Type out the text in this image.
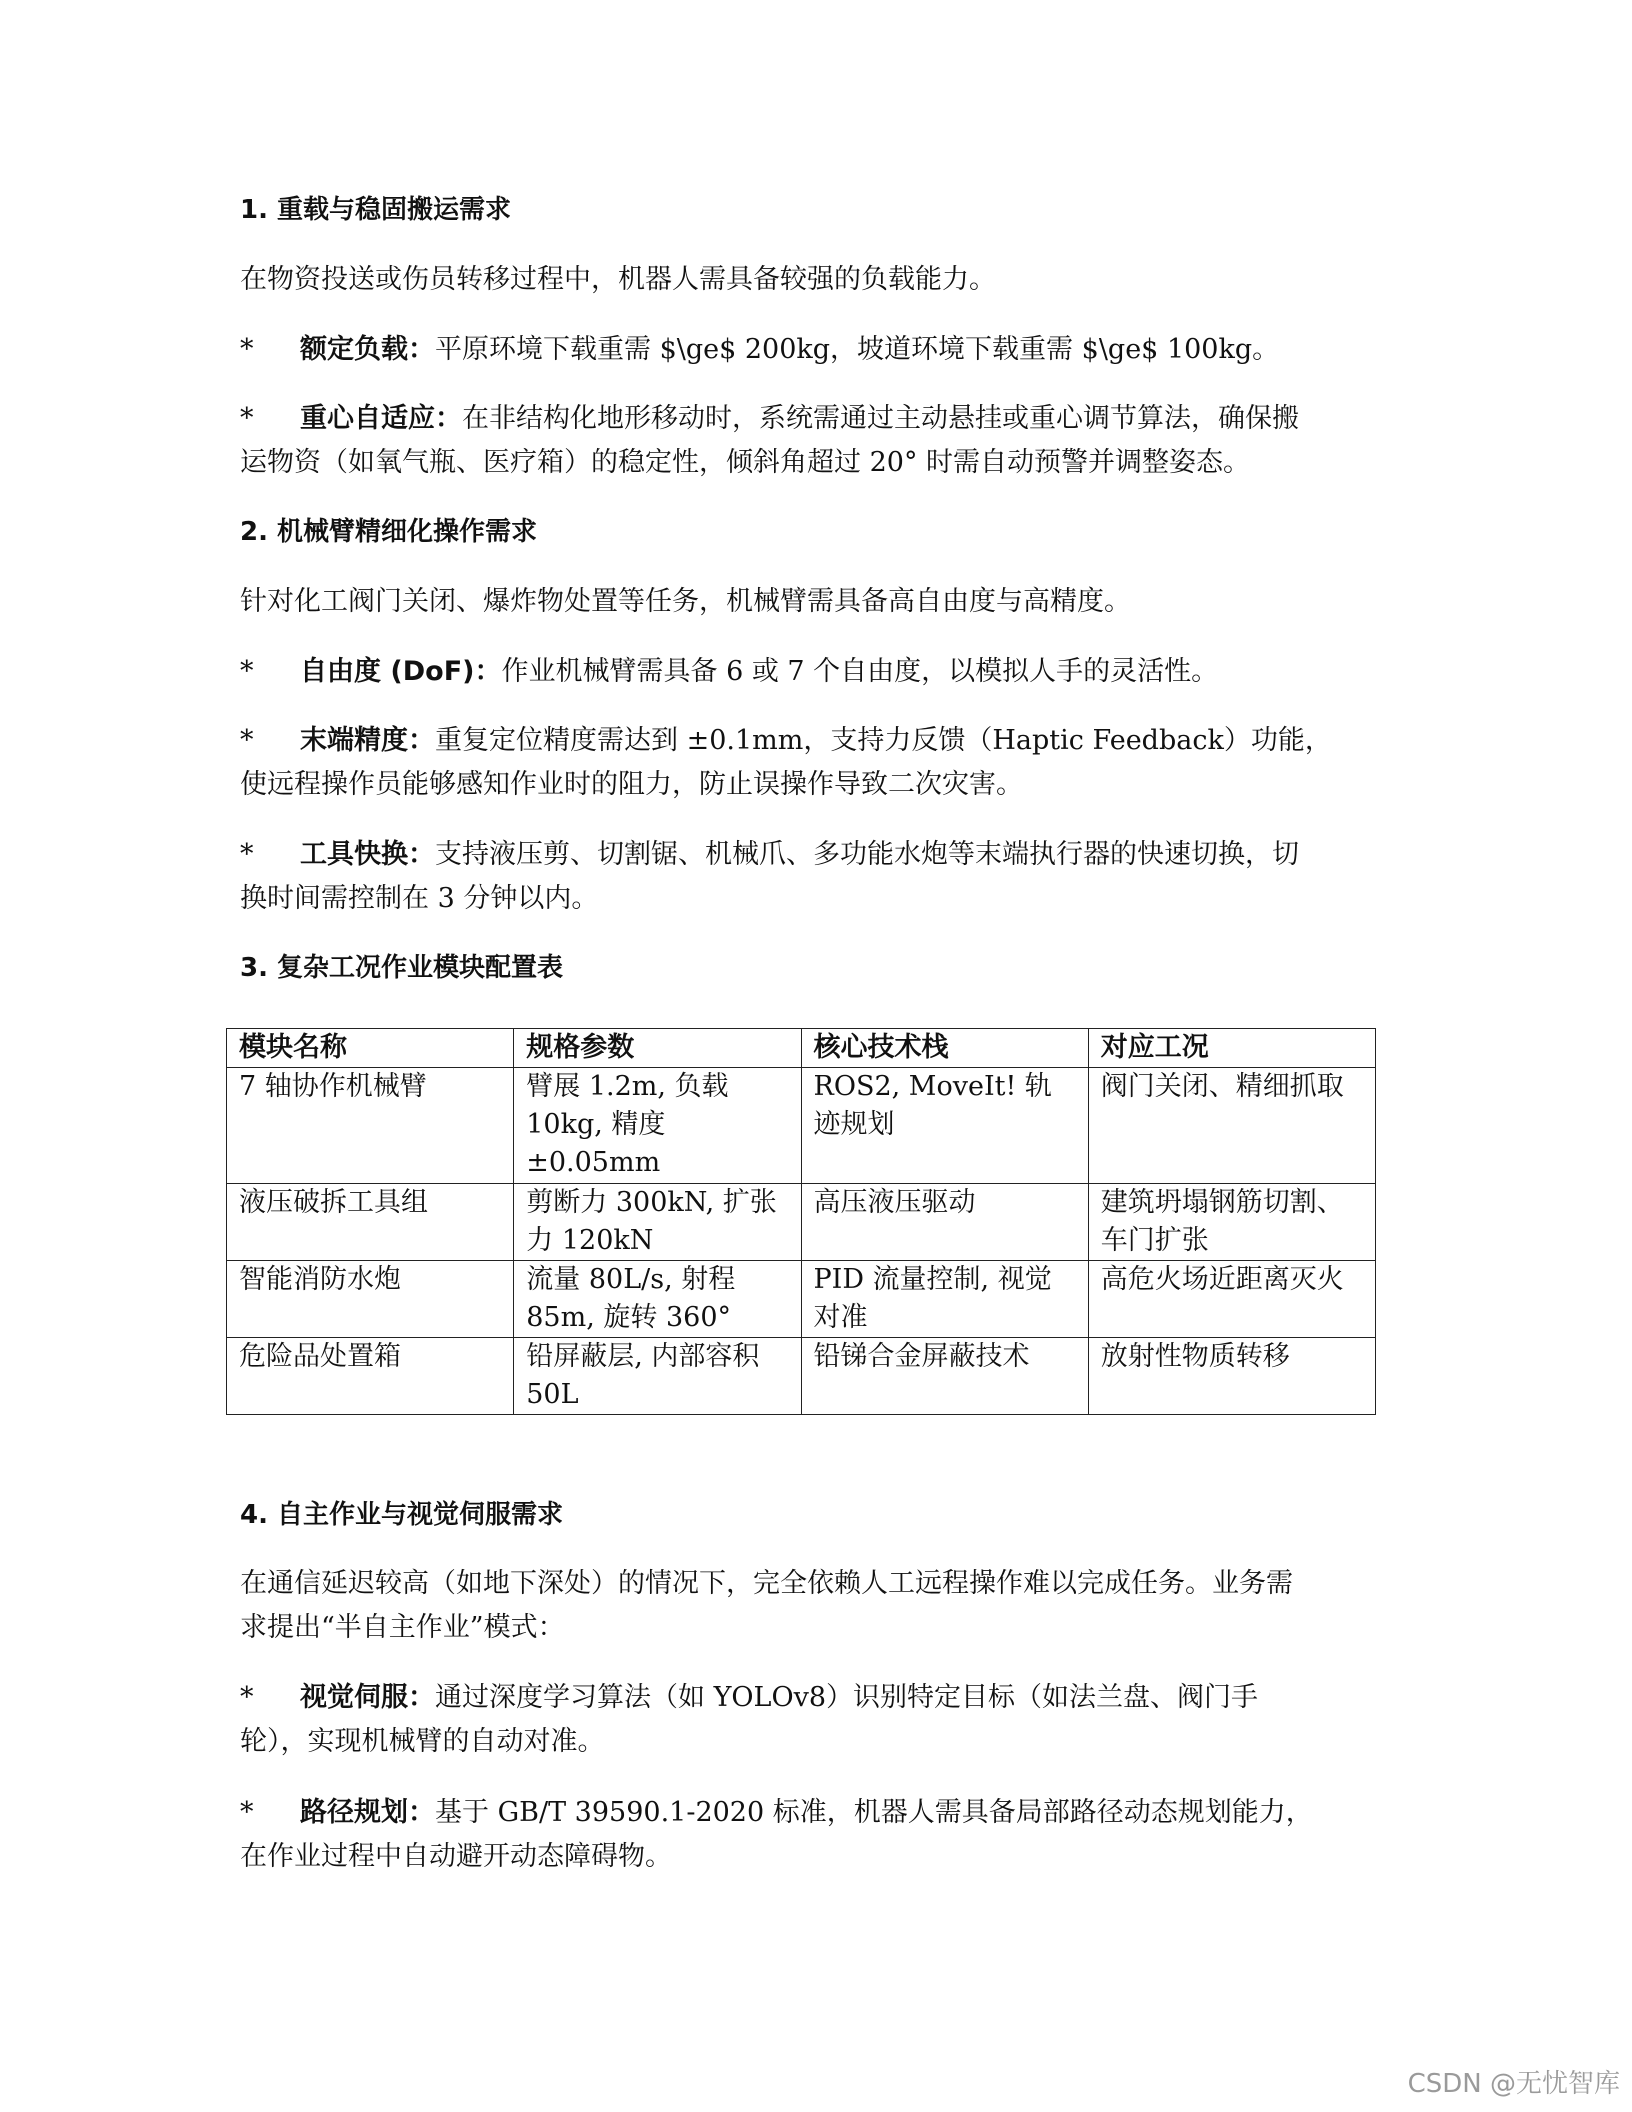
1. 重载与稳固搬运需求

在物资投送或伤员转移过程中，机器人需具备较强的负载能力。

* 额定负载：平原环境下载重需 $\ge$ 200kg，坡道环境下载重需 $\ge$ 100kg。

* 重心自适应：在非结构化地形移动时，系统需通过主动悬挂或重心调节算法，确保搬
运物资（如氧气瓶、医疗箱）的稳定性，倾斜角超过 20° 时需自动预警并调整姿态。

2. 机械臂精细化操作需求

针对化工阀门关闭、爆炸物处置等任务，机械臂需具备高自由度与高精度。

* 自由度 (DoF)：作业机械臂需具备 6 或 7 个自由度，以模拟人手的灵活性。

* 末端精度：重复定位精度需达到 ±0.1mm，支持力反馈（Haptic Feedback）功能，
使远程操作员能够感知作业时的阻力，防止误操作导致二次灾害。

* 工具快换：支持液压剪、切割锯、机械爪、多功能水炮等末端执行器的快速切换，切
换时间需控制在 3 分钟以内。

3. 复杂工况作业模块配置表

模块名称	规格参数	核心技术栈	对应工况
7 轴协作机械臂	臂展 1.2m, 负载 10kg, 精度 ±0.05mm	ROS2, MoveIt! 轨迹规划	阀门关闭、精细抓取
液压破拆工具组	剪断力 300kN, 扩张力 120kN	高压液压驱动	建筑坍塌钢筋切割、车门扩张
智能消防水炮	流量 80L/s, 射程 85m, 旋转 360°	PID 流量控制, 视觉对准	高危火场近距离灭火
危险品处置箱	铅屏蔽层, 内部容积 50L	铅锑合金屏蔽技术	放射性物质转移

4. 自主作业与视觉伺服需求

在通信延迟较高（如地下深处）的情况下，完全依赖人工远程操作难以完成任务。业务需
求提出“半自主作业”模式：

* 视觉伺服：通过深度学习算法（如 YOLOv8）识别特定目标（如法兰盘、阀门手
轮），实现机械臂的自动对准。

* 路径规划：基于 GB/T 39590.1-2020 标准，机器人需具备局部路径动态规划能力，
在作业过程中自动避开动态障碍物。

CSDN @无忧智库
